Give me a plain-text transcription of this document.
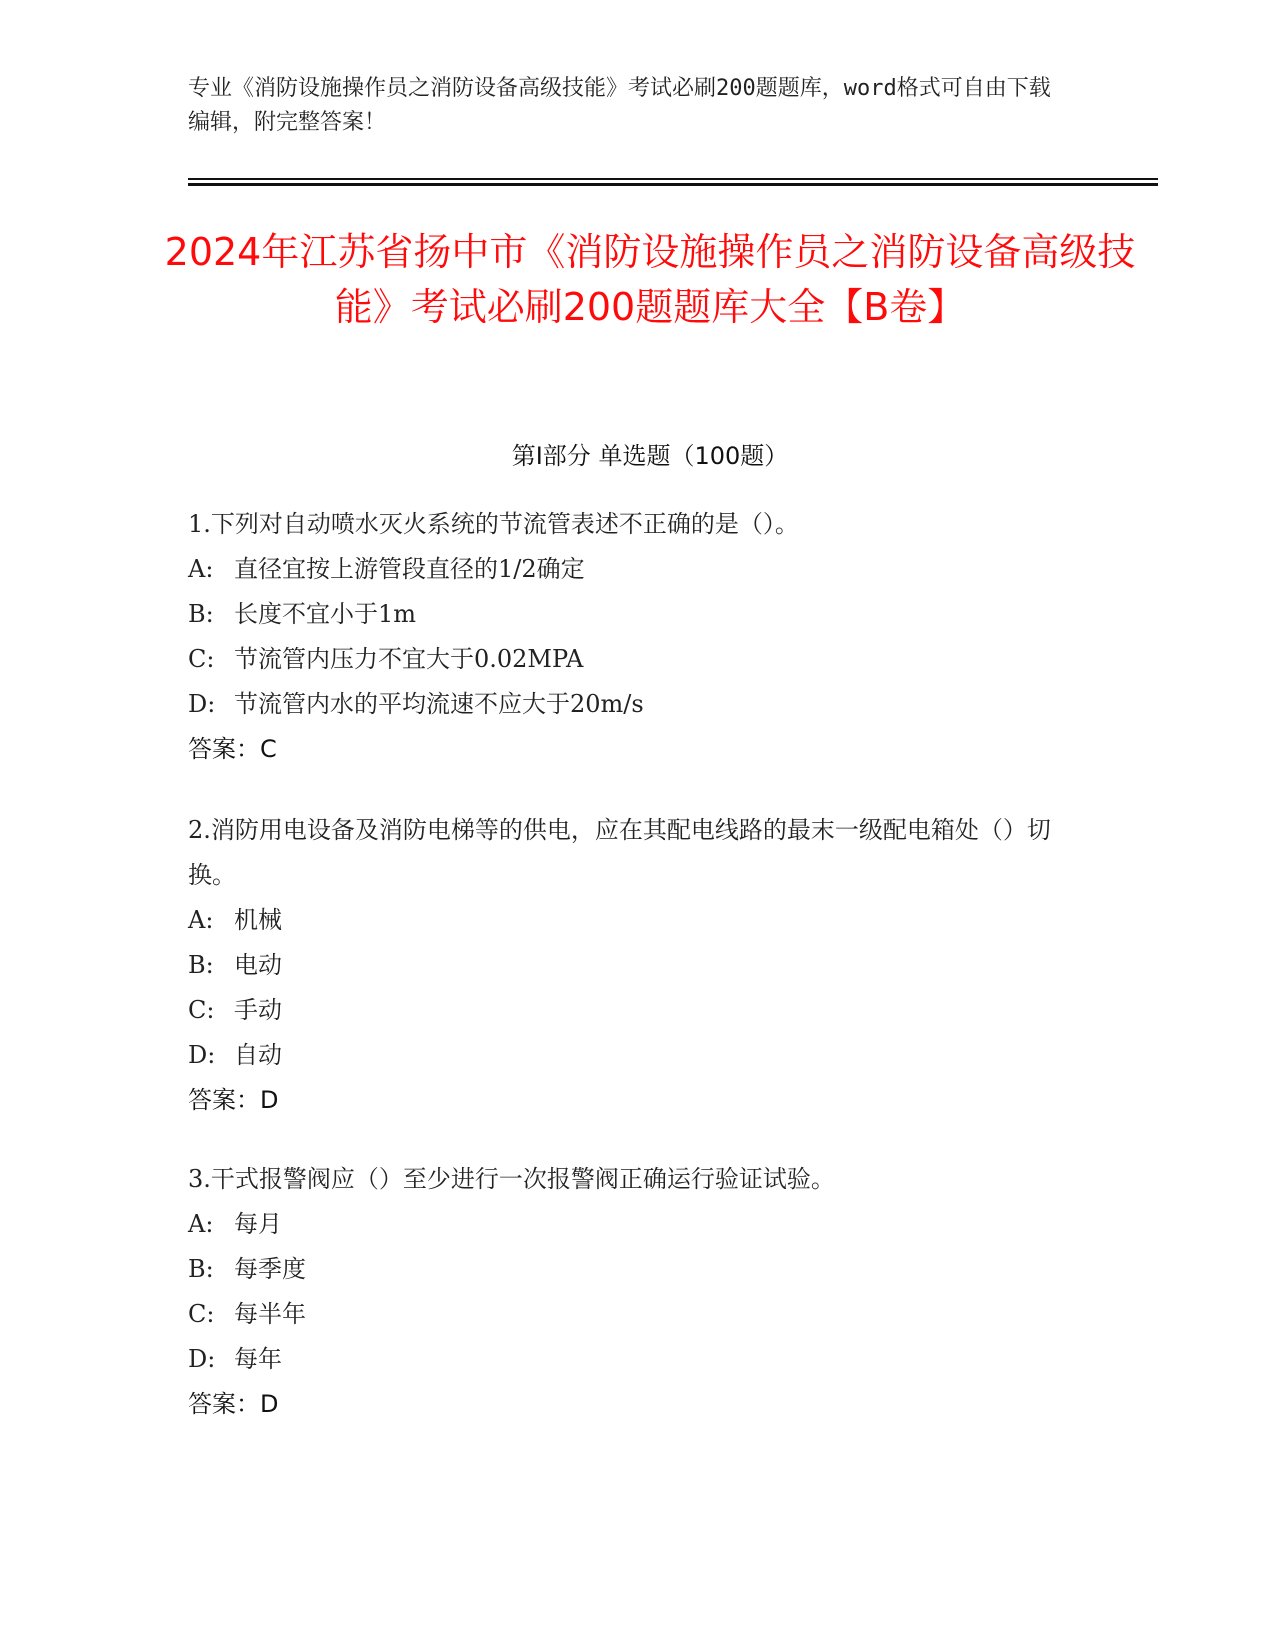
专业《消防设施操作员之消防设备高级技能》考试必刷200题题库，word格式可自由下载编辑，附完整答案！

2024年江苏省扬中市《消防设施操作员之消防设备高级技能》考试必刷200题题库大全【B卷】
第I部分 单选题（100题）

1.下列对自动喷水灭火系统的节流管表述不正确的是（）。

A: 直径宜按上游管段直径的1/2确定
B: 长度不宜小于1m
C: 节流管内压力不宜大于0.02MPA
D: 节流管内水的平均流速不应大于20m/s

答案：C

2.消防用电设备及消防电梯等的供电，应在其配电线路的最末一级配电箱处（）切换。

A: 机械
B: 电动
C: 手动
D: 自动

答案：D

3.干式报警阀应（）至少进行一次报警阀正确运行验证试验。

A: 每月
B: 每季度
C: 每半年
D: 每年

答案：D
